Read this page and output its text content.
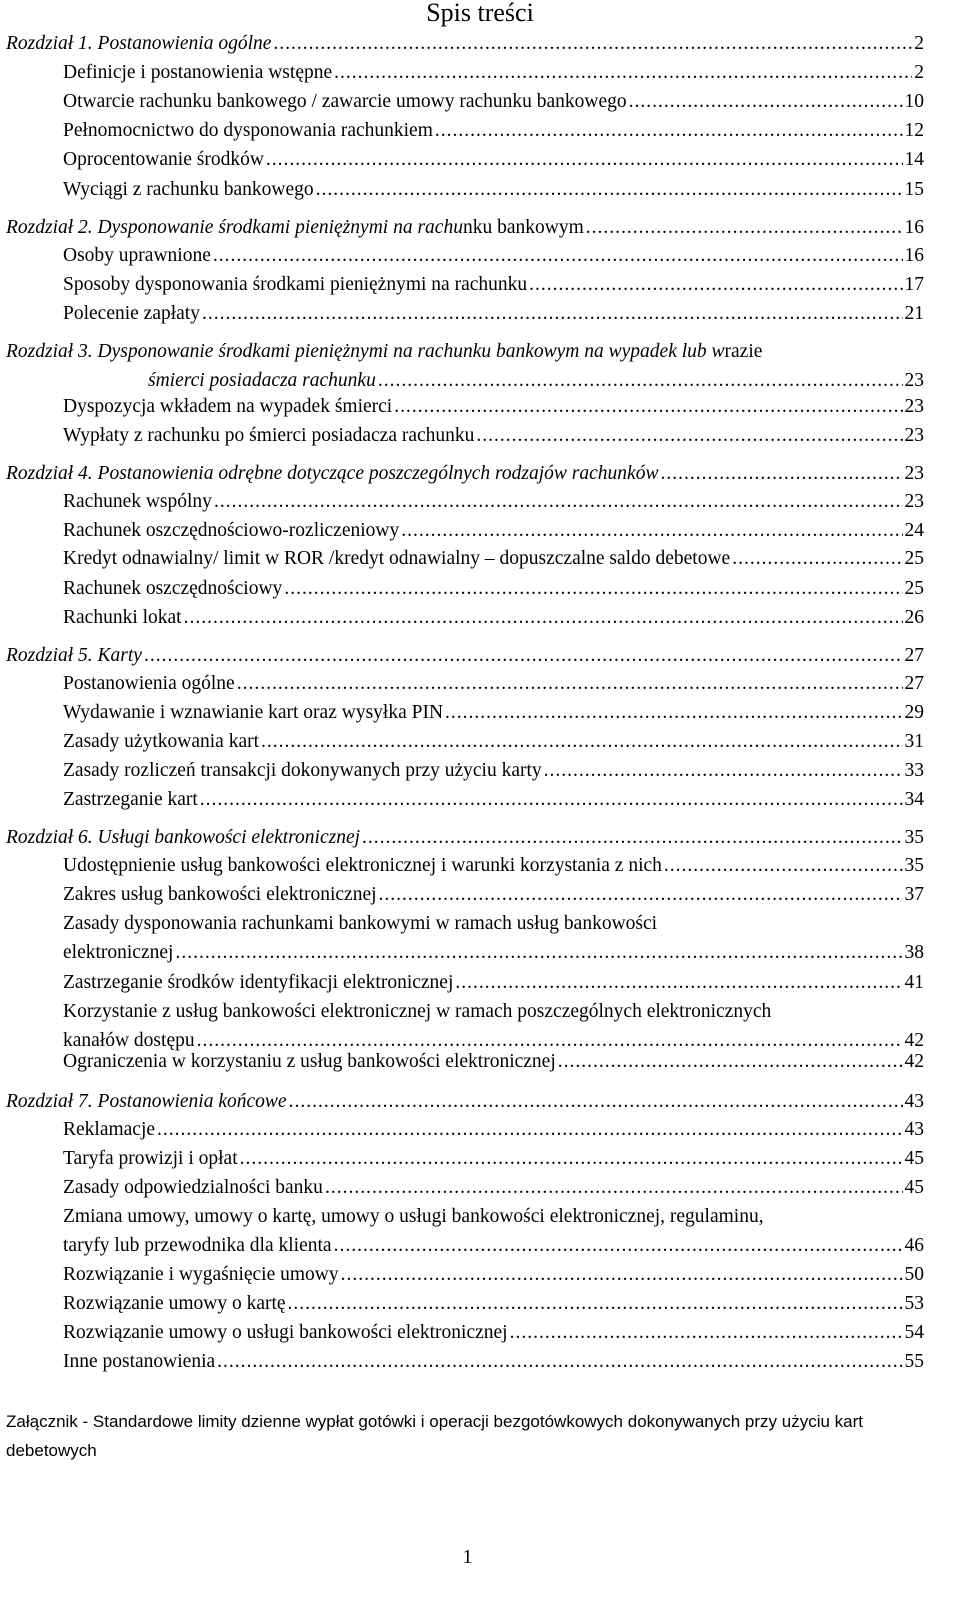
Spis treści
Rozdział 1. Postanowienia ogólne .....	2
Definicje i postanowienia wstępne .....	2
Otwarcie rachunku bankowego / zawarcie umowy rachunku bankowego .....	10
Pełnomocnictwo do dysponowania rachunkiem .....	12
Oprocentowanie środków .....	14
Wyciągi z rachunku bankowego .....	15
Rozdział 2. Dysponowanie środkami pieniężnymi na rachu nku bankowym .....	16
Osoby uprawnione .....	16
Sposoby dysponowania środkami pieniężnymi na rachunku .....	17
Polecenie zapłaty .....	21
Rozdział 3. Dysponowanie środkami pieniężnymi na rachunku bankowym na wypadek lub w razie
śmierci posiadacza rachunku .....	23
Dyspozycja wkładem na wypadek śmierci .....	23
Wypłaty z rachunku po śmierci posiadacza rachunku .....	23
Rozdział 4. Postanowienia odrębne dotyczące poszczególnych rodzajów rachunków .....	23
Rachunek wspólny .....	23
Rachunek oszczędnościowo-rozliczeniowy .....	24
Kredyt odnawialny/ limit w ROR /kredyt odnawialny – dopuszczalne saldo debetowe .....	25
Rachunek oszczędnościowy .....	25
Rachunki lokat .....	26
Rozdział 5. Karty .....	27
Postanowienia ogólne .....	27
Wydawanie i wznawianie kart oraz wysyłka PIN .....	29
Zasady użytkowania kart .....	31
Zasady rozliczeń transakcji dokonywanych przy użyciu karty .....	33
Zastrzeganie kart .....	34
Rozdział 6. Usługi bankowości elektronicznej .....	35
Udostępnienie usług bankowości elektronicznej i warunki korzystania z nich .....	35
Zakres usług bankowości elektronicznej .....	37
Zasady dysponowania rachunkami bankowymi w ramach usług bankowości
elektronicznej .....	38
Zastrzeganie środków identyfikacji elektronicznej .....	41
Korzystanie z usług bankowości elektronicznej w ramach poszczególnych elektronicznych
kanałów dostępu .....	42
Ograniczenia w korzystaniu z usług bankowości elektronicznej .....	42
Rozdział 7. Postanowienia końcowe .....	43
Reklamacje .....	43
Taryfa prowizji i opłat .....	45
Zasady odpowiedzialności banku .....	45
Zmiana umowy, umowy o kartę, umowy o usługi bankowości elektronicznej, regulaminu,
taryfy lub przewodnika dla klienta .....	46
Rozwiązanie i wygaśnięcie umowy .....	50
Rozwiązanie umowy o kartę .....	53
Rozwiązanie umowy o usługi bankowości elektronicznej .....	54
Inne postanowienia .....	55
Załącznik - Standardowe limity dzienne wypłat gotówki i operacji bezgotówkowych dokonywanych przy użyciu kart debetowych
1
